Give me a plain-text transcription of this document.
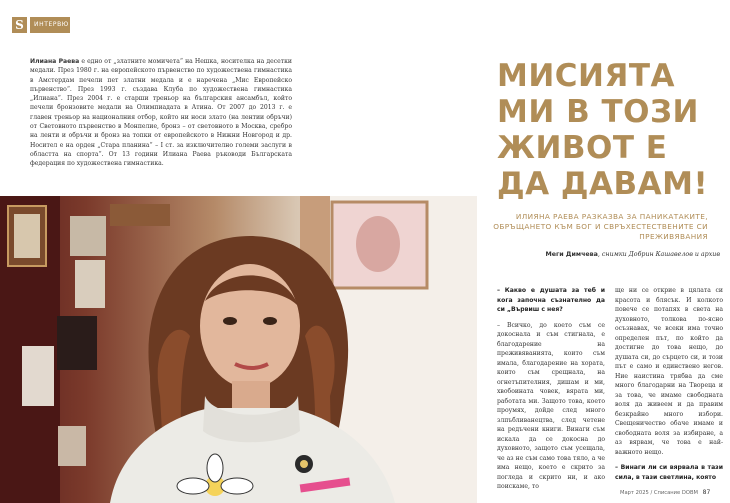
S	ИНТЕРВЮ
Илиана Раева е едно от „златните момичета“ на Нешка, носителка на десетки медали. През 1980 г. на европейското първенство по художествена гимнастика в Амстердам печели пет златни медала и е наречена „Мис Европейско първенство“. През 1993 г. създава Клуба по художествена гимнастика „Илиана“. През 2004 г. е старши треньор на българския ансамбъл, който печели бронзовите медали на Олимпиадата в Атина. От 2007 до 2013 г. е главен треньор на националния отбор, който ни носи злато (на лентии обръчи) от Световното първенство в Монпелие, бронз – от световното в Москва, сребро на ленти и обръчи и бронз на топки от европейското в Нижни Новгород и др. Носител е на орден „Стара планина“ – I ст. за изключително големи заслуги в областта на спорта“. От 13 години Илиана Раева ръководи Българската федерация по художествена гимнастика.
МИСИЯТА
МИ В ТОЗИ
ЖИВОТ Е
ДА ДАВАМ!
ИЛИЯНА РАЕВА РАЗКАЗВА ЗА ПАНИКАТАКИТЕ, ОБРЪЩАНЕТО КЪМ БОГ И СВРЪХЕСТЕСТВЕНИТЕ СИ ПРЕЖИВЯВАНИЯ
Меги Димчева, снимки Добрин Кашавелов и архив
– Какво е душата за теб и кога започна съзнателно да си „Вървиш с нея?
– Всичко, до което съм се докоснала и съм стигнала, е благодарение на преживяванията, които съм имала, благодарение на хората, които съм срещнала, на огнетъпителния, дишам и ми, хвобоината човек, вярата ми, работата ми. Защото това, което проумях, дойде след много злпъбливанецтва, след четене на редъчени книги. Винаги съм искала да се докосна до духовното, защото съм усещала, че аз не съм само това тяло, а че има нещо, което е скрито за погледа и скрито ни, и ако поискаме, то
ще ни се открие в цялата си красота и блясък. И колкото повече се потапях в света на духовното, толкова по-ясно осъзнавах, че всеки има точно определен път, по който да достигне до това нещо, до душата си, до сърцето си, и този път е само и единствено негов. Ние наистина трябва да сме много благодарни на Твореца и за това, че имаме свободната воля да живеем и да правим безкрайно много избори. Свещеничество обаче имаме и свободната воля за избиране, а аз вярвам, че това е най-важното нещо.
– Винаги ли си вярвала в тази сила, в тази светлина, която
Март 2025 / Списание DOBM 87
